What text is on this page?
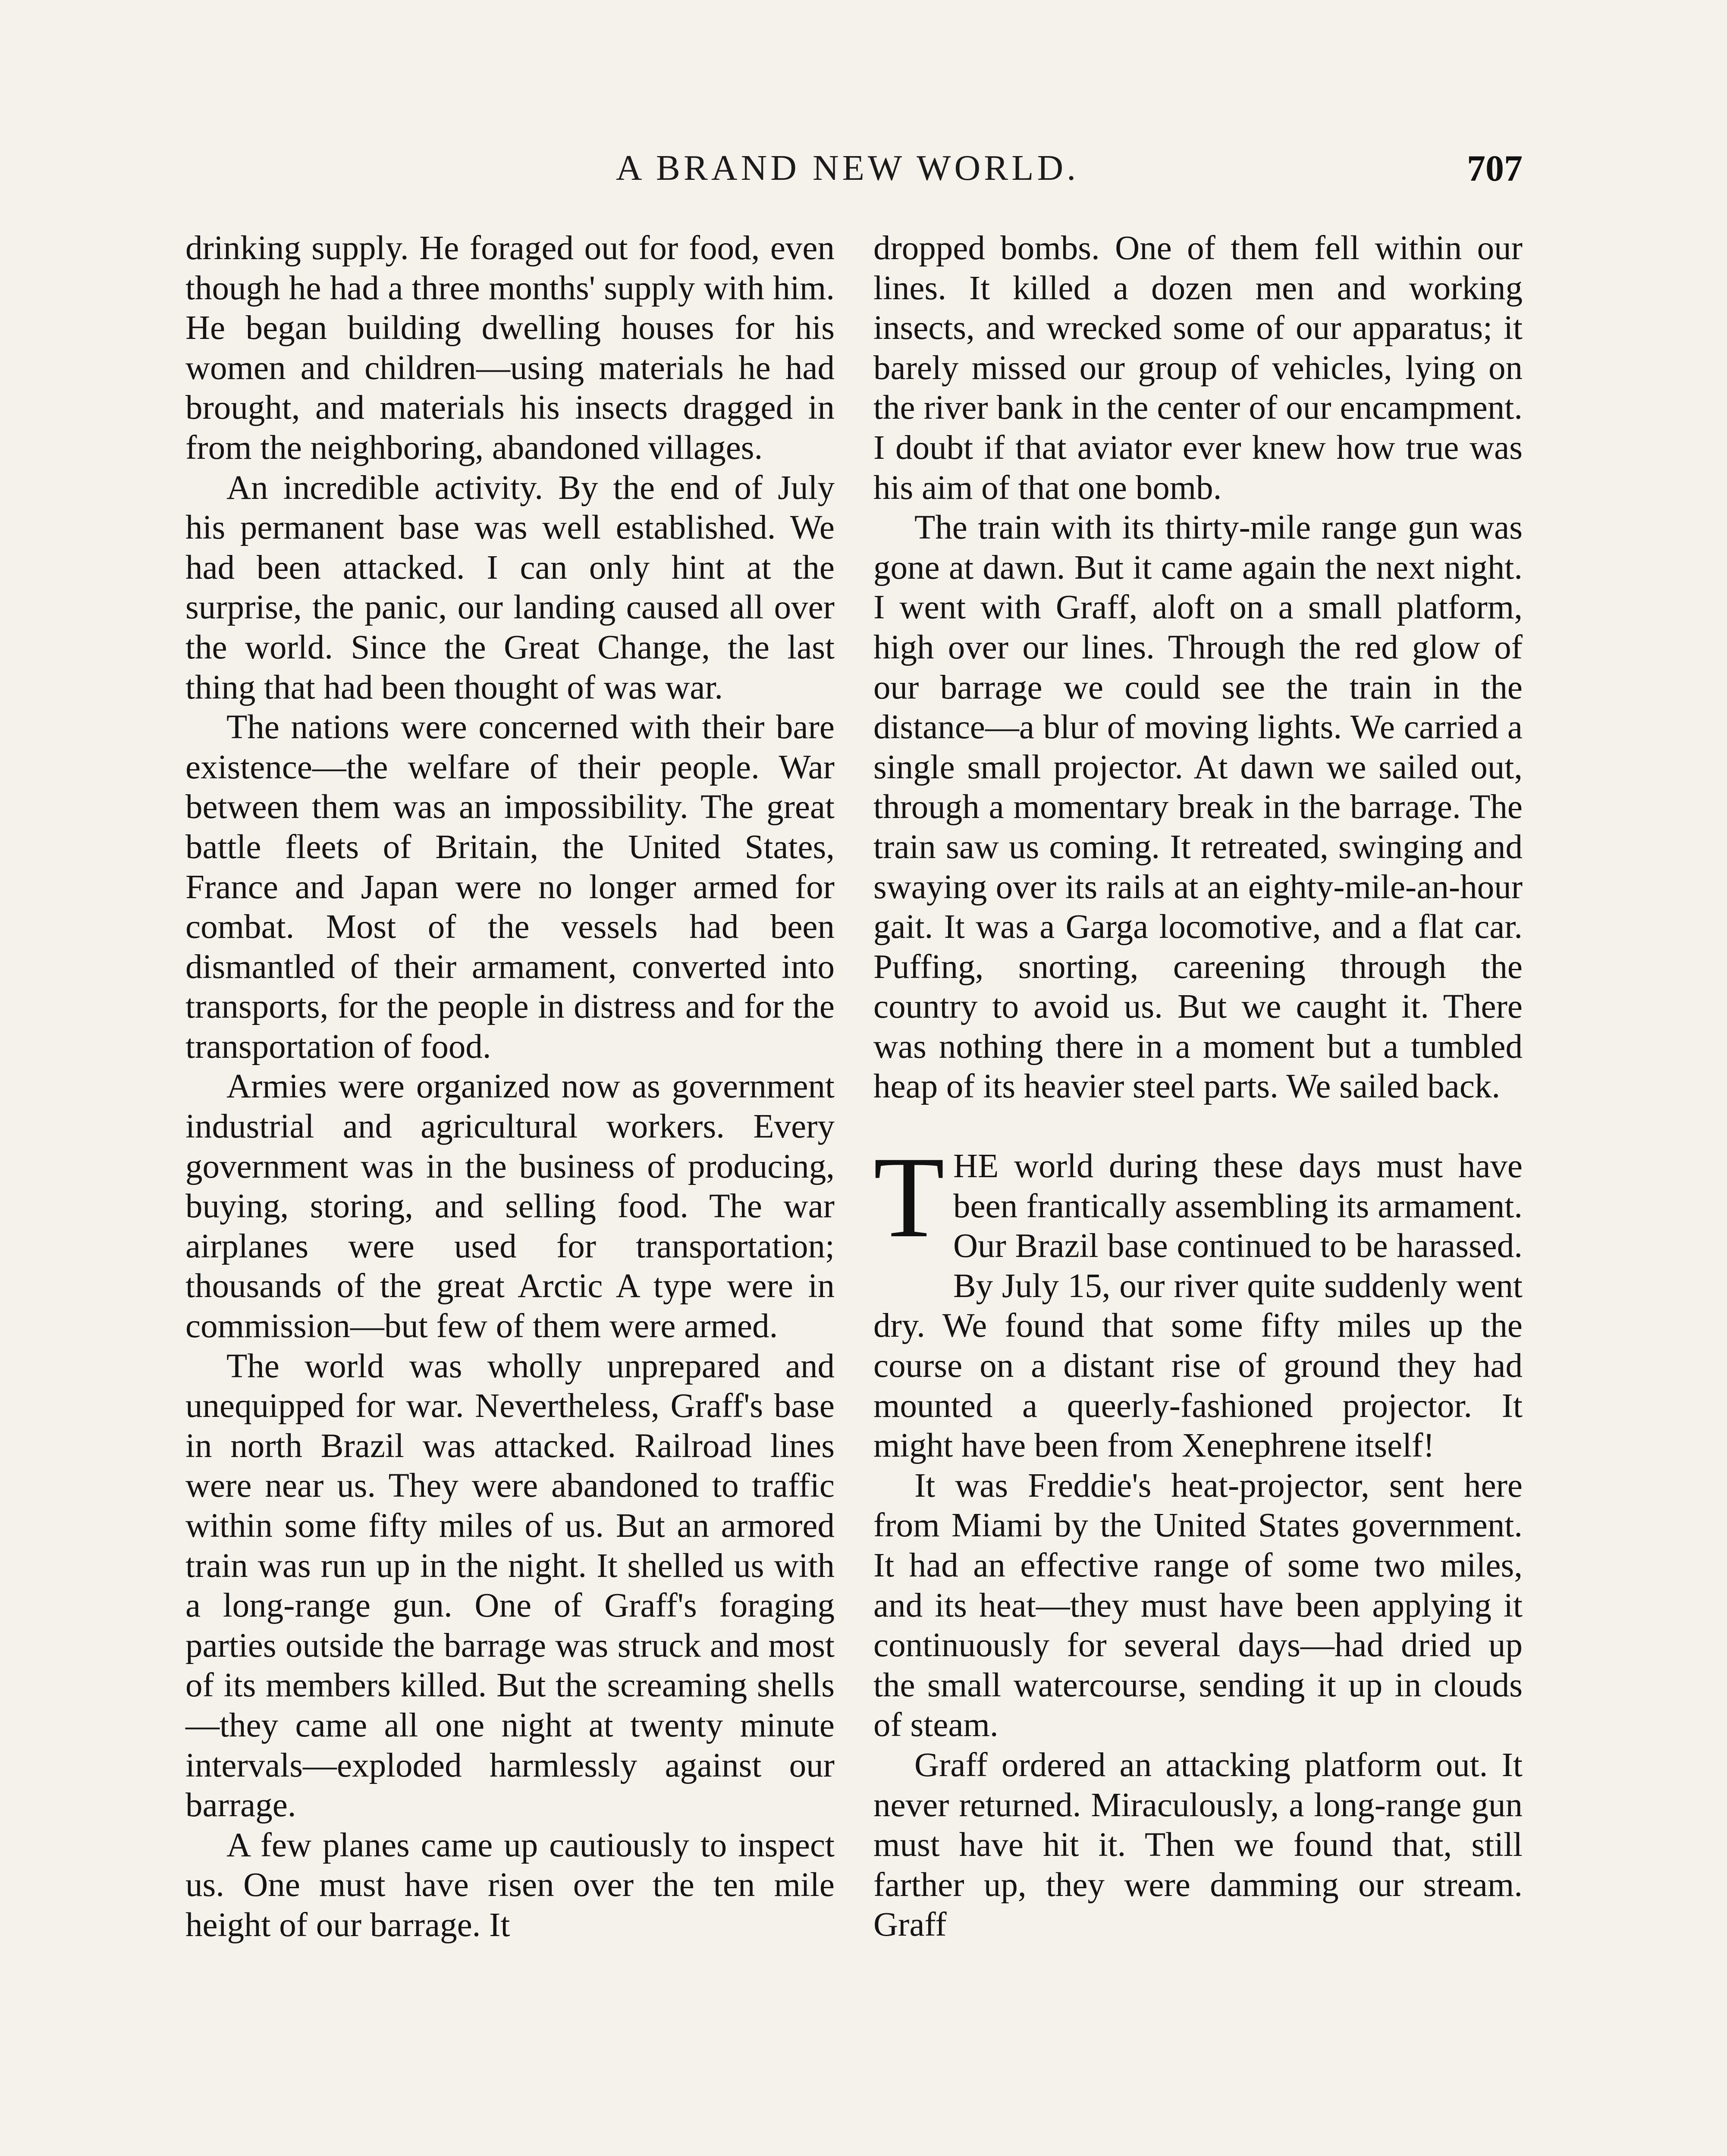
A BRAND NEW WORLD.	707

drinking supply. He foraged out for food, even though he had a three months' supply with him. He began building dwelling houses for his women and children—using materials he had brought, and materials his insects dragged in from the neighboring, abandoned villages.

An incredible activity. By the end of July his permanent base was well established. We had been attacked. I can only hint at the surprise, the panic, our landing caused all over the world. Since the Great Change, the last thing that had been thought of was war.

The nations were concerned with their bare existence—the welfare of their people. War between them was an impossibility. The great battle fleets of Britain, the United States, France and Japan were no longer armed for combat. Most of the vessels had been dismantled of their armament, converted into transports, for the people in distress and for the transportation of food.

Armies were organized now as government industrial and agricultural workers. Every government was in the business of producing, buying, storing, and selling food. The war airplanes were used for transportation; thousands of the great Arctic A type were in commission—but few of them were armed.

The world was wholly unprepared and unequipped for war. Nevertheless, Graff's base in north Brazil was attacked. Railroad lines were near us. They were abandoned to traffic within some fifty miles of us. But an armored train was run up in the night. It shelled us with a long-range gun. One of Graff's foraging parties outside the barrage was struck and most of its members killed. But the screaming shells—they came all one night at twenty minute intervals—exploded harmlessly against our barrage.

A few planes came up cautiously to inspect us. One must have risen over the ten mile height of our barrage. It

dropped bombs. One of them fell within our lines. It killed a dozen men and working insects, and wrecked some of our apparatus; it barely missed our group of vehicles, lying on the river bank in the center of our encampment. I doubt if that aviator ever knew how true was his aim of that one bomb.

The train with its thirty-mile range gun was gone at dawn. But it came again the next night. I went with Graff, aloft on a small platform, high over our lines. Through the red glow of our barrage we could see the train in the distance—a blur of moving lights. We carried a single small projector. At dawn we sailed out, through a momentary break in the barrage. The train saw us coming. It retreated, swinging and swaying over its rails at an eighty-mile-an-hour gait. It was a Garga locomotive, and a flat car. Puffing, snorting, careening through the country to avoid us. But we caught it. There was nothing there in a moment but a tumbled heap of its heavier steel parts. We sailed back.

THE world during these days must have been frantically assembling its armament. Our Brazil base continued to be harassed. By July 15, our river quite suddenly went dry. We found that some fifty miles up the course on a distant rise of ground they had mounted a queerly-fashioned projector. It might have been from Xenephrene itself!

It was Freddie's heat-projector, sent here from Miami by the United States government. It had an effective range of some two miles, and its heat—they must have been applying it continuously for several days—had dried up the small watercourse, sending it up in clouds of steam.

Graff ordered an attacking platform out. It never returned. Miraculously, a long-range gun must have hit it. Then we found that, still farther up, they were damming our stream. Graff
